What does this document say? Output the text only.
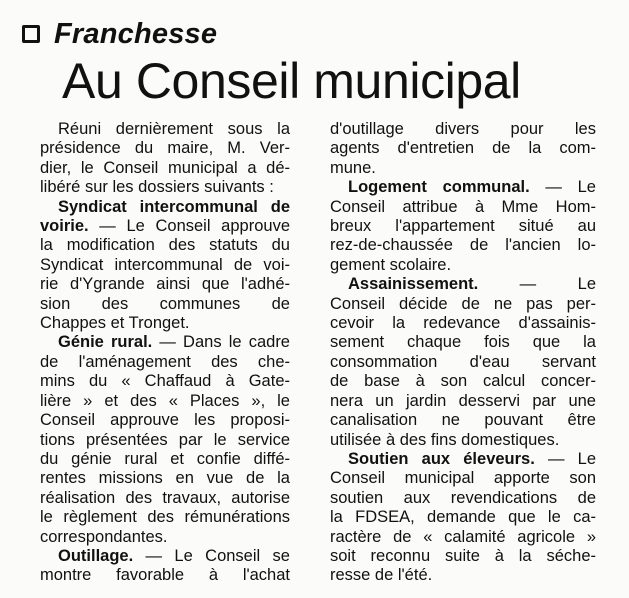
Franchesse
Au Conseil municipal
Réuni dernièrement sous la
présidence du maire, M. Ver-
dier, le Conseil municipal a dé-
libéré sur les dossiers suivants :
Syndicat intercommunal de
voirie. — Le Conseil approuve
la modification des statuts du
Syndicat intercommunal de voi-
rie d'Ygrande ainsi que l'adhé-
sion des communes de
Chappes et Tronget.
Génie rural. — Dans le cadre
de l'aménagement des che-
mins du « Chaffaud à Gate-
lière » et des « Places », le
Conseil approuve les proposi-
tions présentées par le service
du génie rural et confie diffé-
rentes missions en vue de la
réalisation des travaux, autorise
le règlement des rémunérations
correspondantes.
Outillage. — Le Conseil se
montre favorable à l'achat
d'outillage divers pour les
agents d'entretien de la com-
mune.
Logement communal. — Le
Conseil attribue à Mme Hom-
breux l'appartement situé au
rez-de-chaussée de l'ancien lo-
gement scolaire.
Assainissement. — Le
Conseil décide de ne pas per-
cevoir la redevance d'assainis-
sement chaque fois que la
consommation d'eau servant
de base à son calcul concer-
nera un jardin desservi par une
canalisation ne pouvant être
utilisée à des fins domestiques.
Soutien aux éleveurs. — Le
Conseil municipal apporte son
soutien aux revendications de
la FDSEA, demande que le ca-
ractère de « calamité agricole »
soit reconnu suite à la séche-
resse de l'été.
